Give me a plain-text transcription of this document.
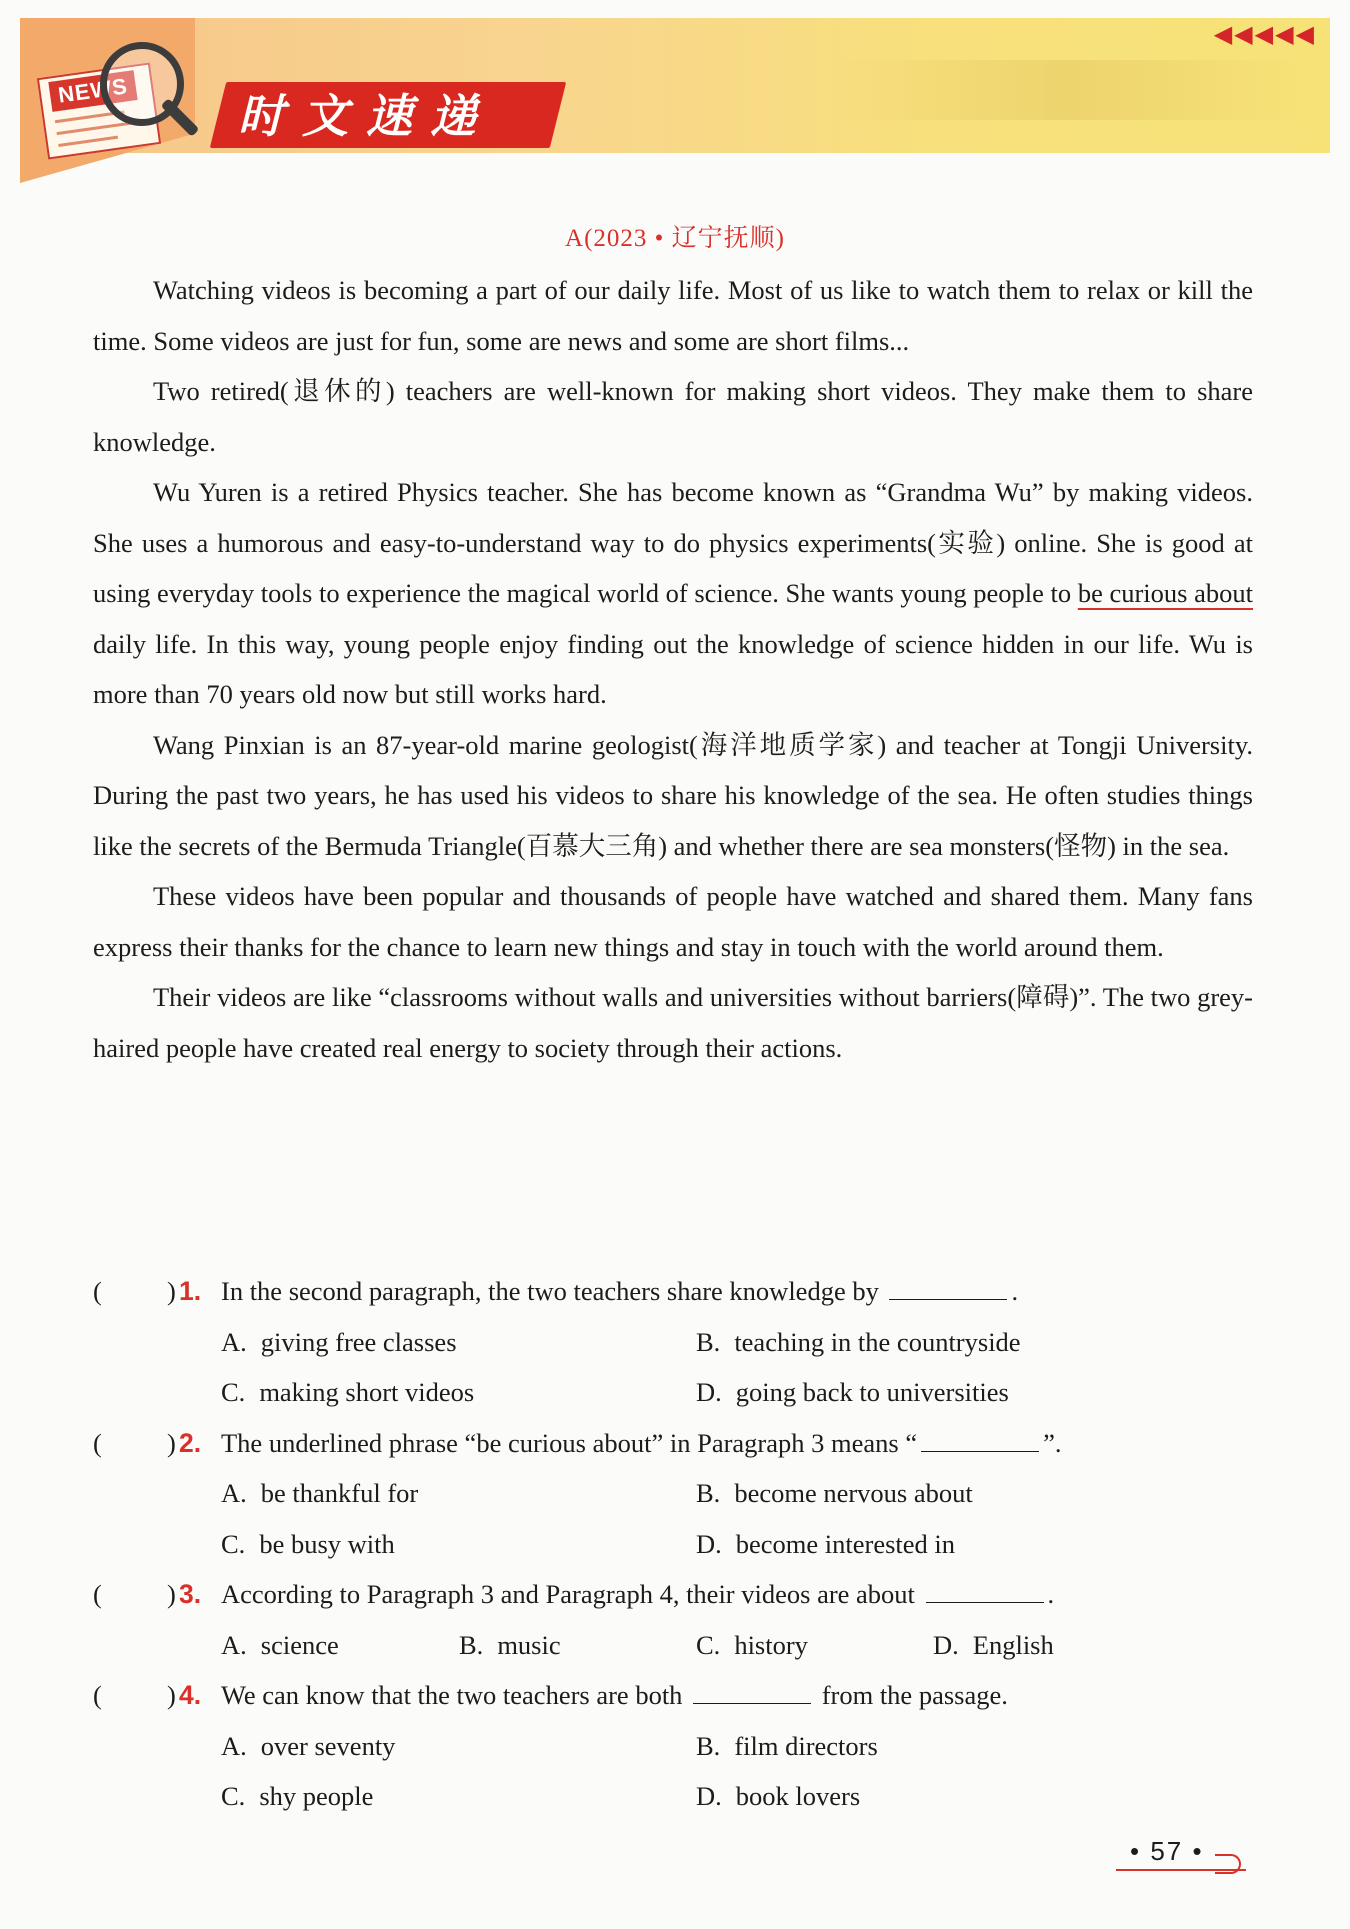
NEWS 时文速递
◀◀◀◀◀
A(2023 • 辽宁抚顺)

Watching videos is becoming a part of our daily life. Most of us like to watch them to relax or kill the time. Some videos are just for fun, some are news and some are short films...

Two retired(退休的) teachers are well-known for making short videos. They make them to share knowledge.

Wu Yuren is a retired Physics teacher. She has become known as “Grandma Wu” by making videos. She uses a humorous and easy-to-understand way to do physics experiments(实验) online. She is good at using everyday tools to experience the magical world of science. She wants young people to be curious about daily life. In this way, young people enjoy finding out the knowledge of science hidden in our life. Wu is more than 70 years old now but still works hard.

Wang Pinxian is an 87-year-old marine geologist(海洋地质学家) and teacher at Tongji University. During the past two years, he has used his videos to share his knowledge of the sea. He often studies things like the secrets of the Bermuda Triangle(百慕大三角) and whether there are sea monsters(怪物) in the sea.

These videos have been popular and thousands of people have watched and shared them. Many fans express their thanks for the chance to learn new things and stay in touch with the world around them.

Their videos are like “classrooms without walls and universities without barriers(障碍)”. The two grey-haired people have created real energy to society through their actions.

( ) 1. In the second paragraph, the two teachers share knowledge by	.
A. giving free classes	B. teaching in the countryside
C. making short videos	D. going back to universities
( ) 2. The underlined phrase “be curious about” in Paragraph 3 means “	”.
A. be thankful for	B. become nervous about
C. be busy with	D. become interested in
( ) 3. According to Paragraph 3 and Paragraph 4, their videos are about	.
A. science	B. music	C. history	D. English
( ) 4. We can know that the two teachers are both	from the passage.
A. over seventy	B. film directors
C. shy people	D. book lovers
• 57 •
